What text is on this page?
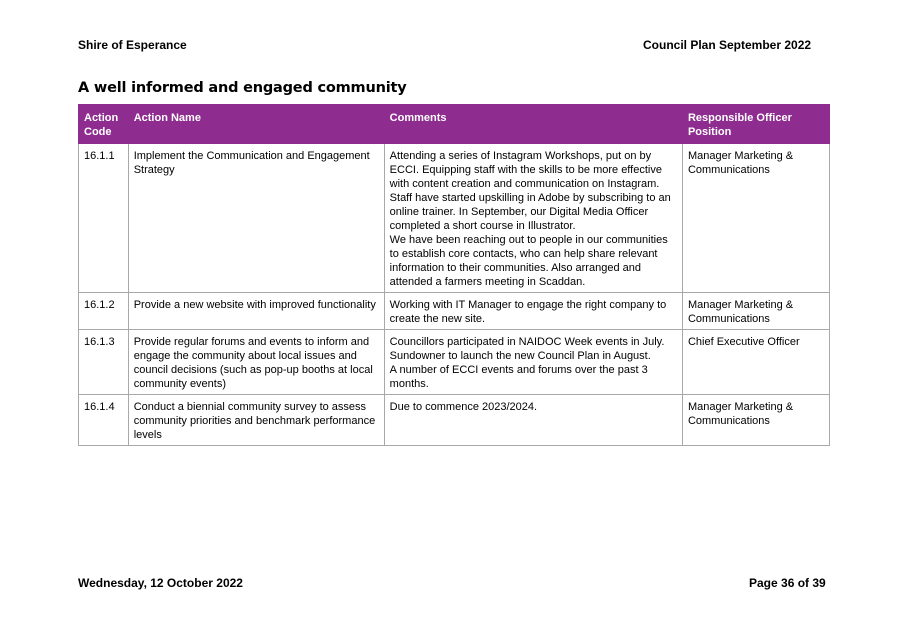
Shire of Esperance	Council Plan September 2022
A well informed and engaged community
Action Code	Action Name	Comments	Responsible Officer Position
16.1.1	Implement the Communication and Engagement Strategy	Attending a series of Instagram Workshops, put on by ECCI. Equipping staff with the skills to be more effective with content creation and communication on Instagram. Staff have started upskilling in Adobe by subscribing to an online trainer. In September, our Digital Media Officer completed a short course in Illustrator.
We have been reaching out to people in our communities to establish core contacts, who can help share relevant information to their communities. Also arranged and attended a farmers meeting in Scaddan.	Manager Marketing & Communications
16.1.2	Provide a new website with improved functionality	Working with IT Manager to engage the right company to create the new site.	Manager Marketing & Communications
16.1.3	Provide regular forums and events to inform and engage the community about local issues and council decisions (such as pop-up booths at local community events)	Councillors participated in NAIDOC Week events in July.
Sundowner to launch the new Council Plan in August.
A number of ECCI events and forums over the past 3 months.	Chief Executive Officer
16.1.4	Conduct a biennial community survey to assess community priorities and benchmark performance levels	Due to commence 2023/2024.	Manager Marketing & Communications
Wednesday, 12 October 2022	Page 36 of 39
